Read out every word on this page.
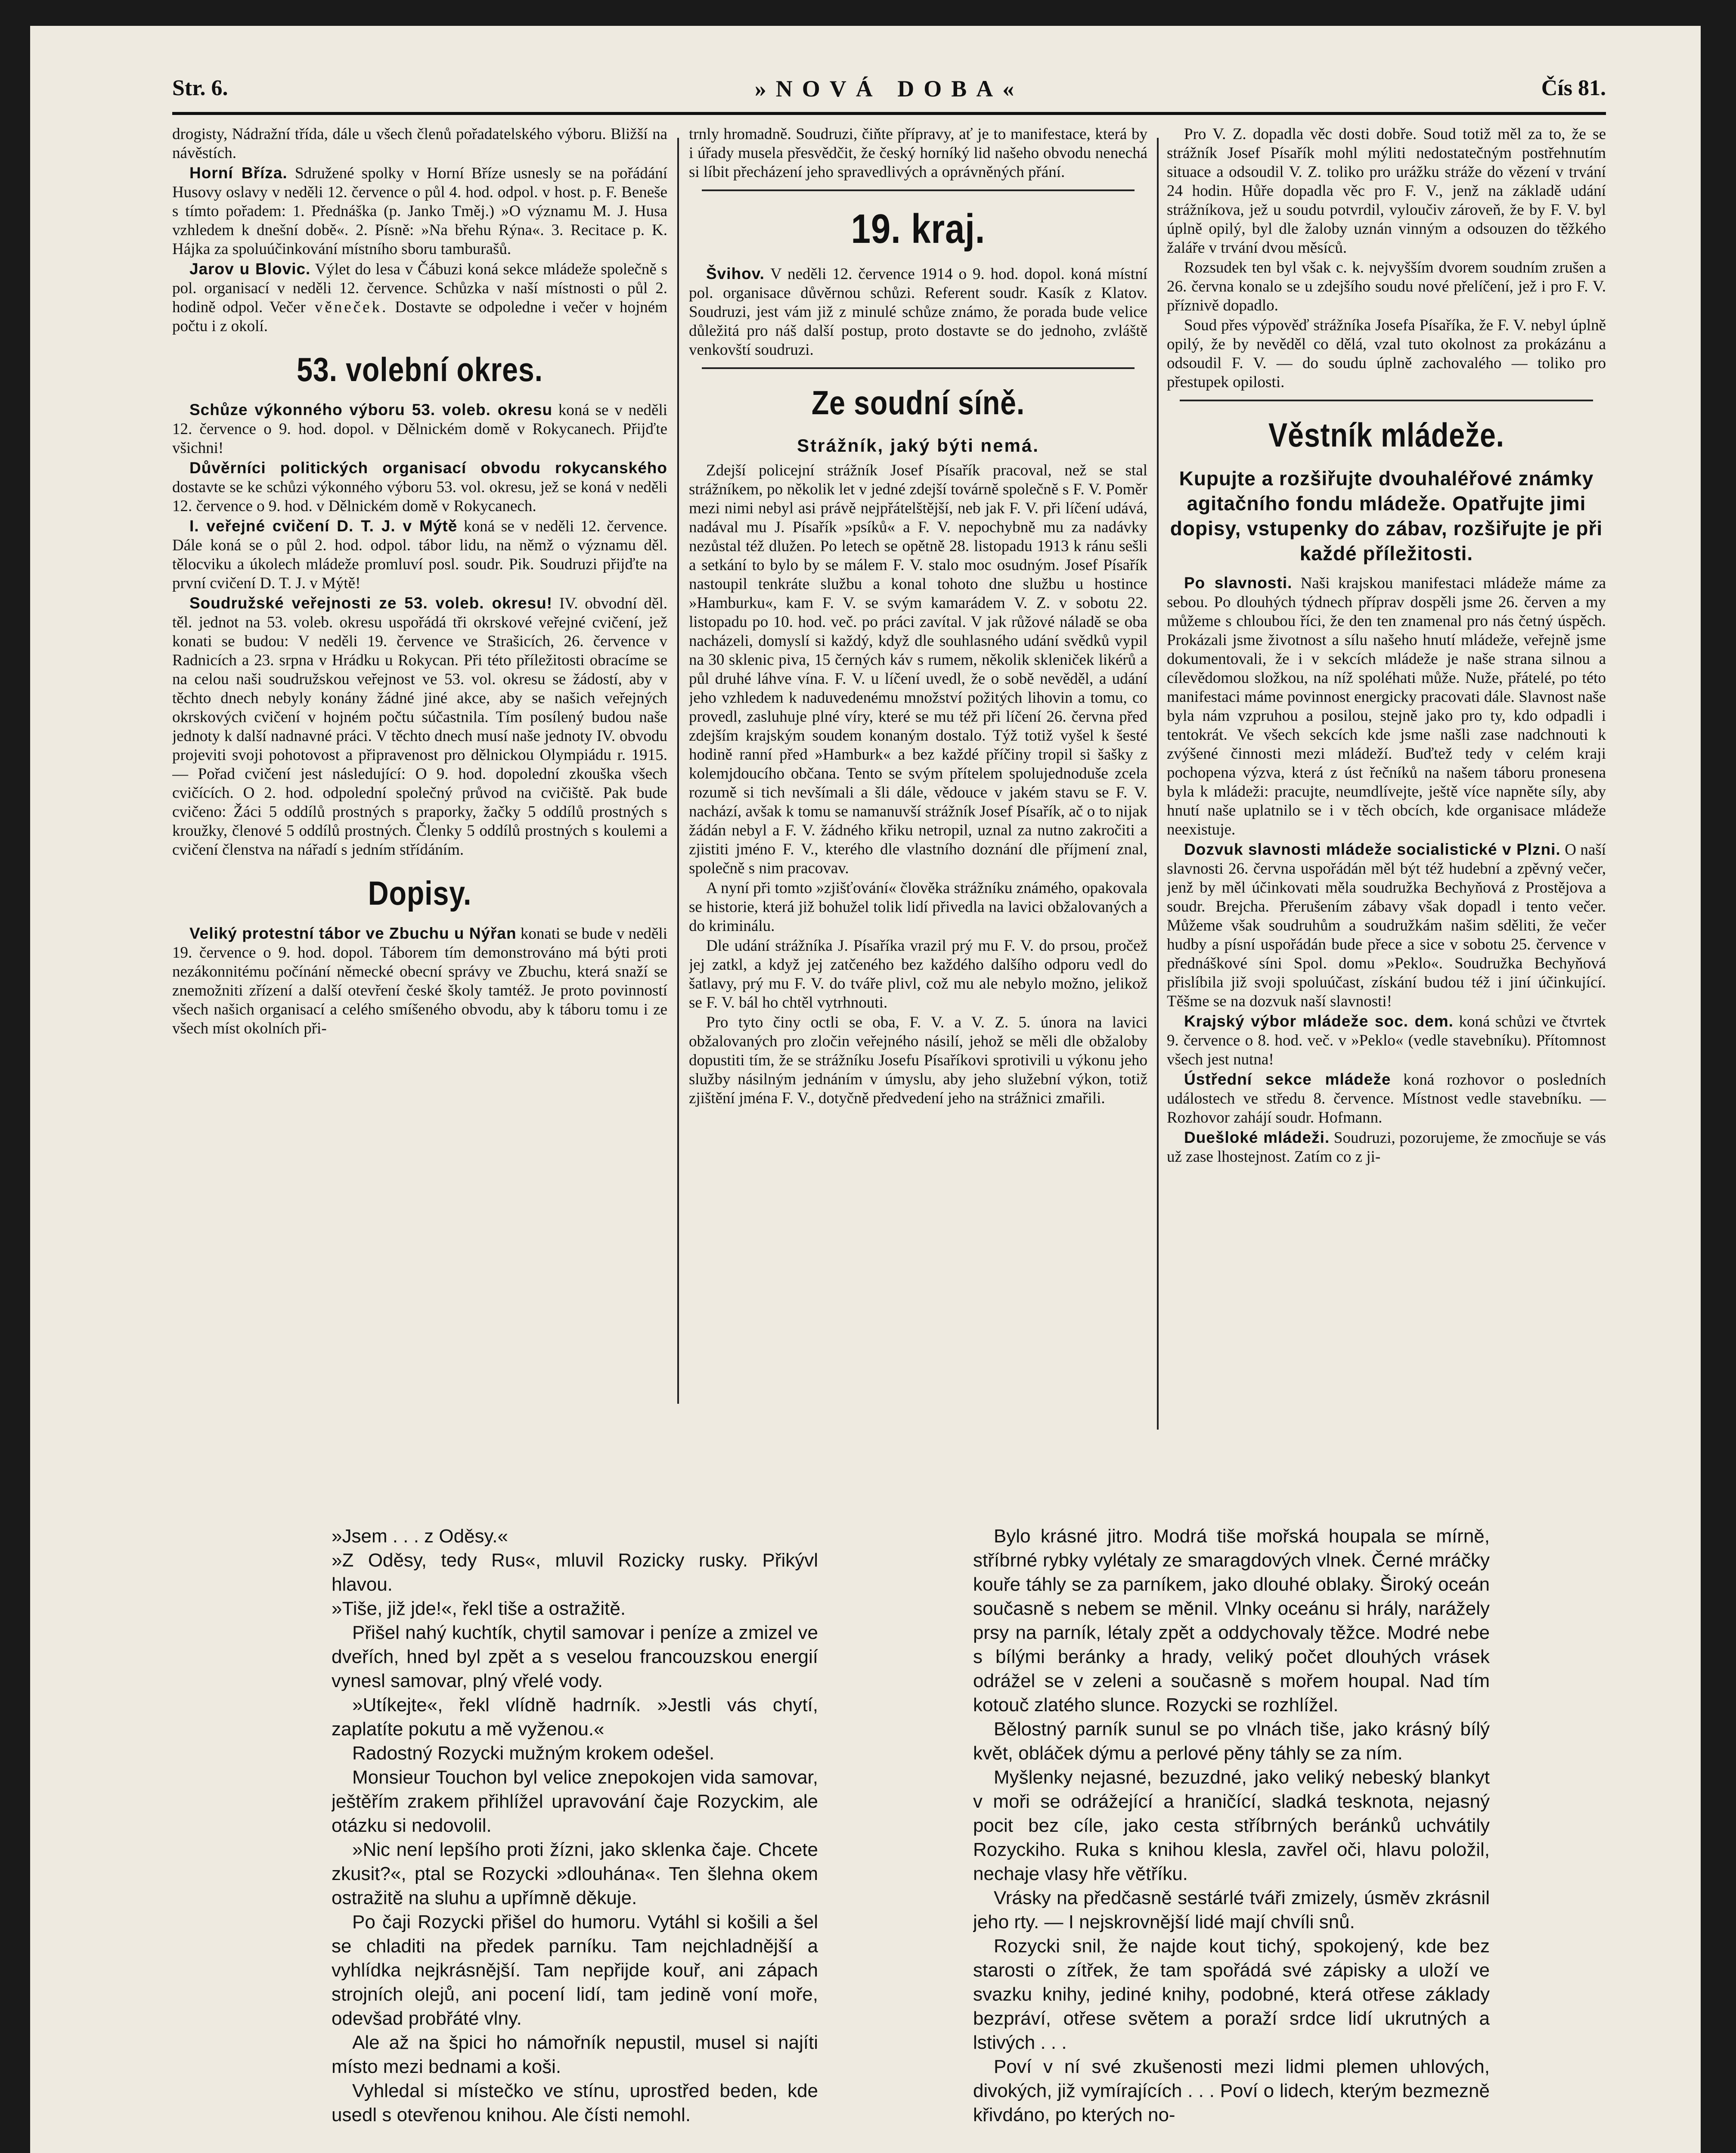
Str. 6.	»NOVÁ DOBA«	Čís 81.

drogisty, Nádražní třída, dále u všech členů pořadatelského výboru. Bližší na návěstích.

Horní Bříza. Sdružené spolky v Horní Bříze usnesly se na pořádání Husovy oslavy v neděli 12. července o půl 4. hod. odpol. v host. p. F. Beneše s tímto pořadem: 1. Přednáška (p. Janko Tměj.) »O významu M. J. Husa vzhledem k dnešní době«. 2. Písně: »Na břehu Rýna«. 3. Recitace p. K. Hájka za spoluúčinkování místního sboru tamburašů.

Jarov u Blovic. Výlet do lesa v Čábuzi koná sekce mládeže společně s pol. organisací v neděli 12. července. Schůzka v naší místnosti o půl 2. hodině odpol. Večer věneček. Dostavte se odpoledne i večer v hojném počtu i z okolí.

53. volební okres.

Schůze výkonného výboru 53. voleb. okresu koná se v neděli 12. července o 9. hod. dopol. v Dělnickém domě v Rokycanech. Přijďte všichni!

Důvěrníci politických organisací obvodu rokycanského dostavte se ke schůzi výkonného výboru 53. vol. okresu, jež se koná v neděli 12. července o 9. hod. v Dělnickém domě v Rokycanech.

I. veřejné cvičení D. T. J. v Mýtě koná se v neděli 12. července. Dále koná se o půl 2. hod. odpol. tábor lidu, na němž o významu děl. tělocviku a úkolech mládeže promluví posl. soudr. Pik. Soudruzi přijďte na první cvičení D. T. J. v Mýtě!

Soudružské veřejnosti ze 53. voleb. okresu! IV. obvodní děl. těl. jednot na 53. voleb. okresu uspořádá tři okrskové veřejné cvičení, jež konati se budou: V neděli 19. července ve Strašicích, 26. července v Radnicích a 23. srpna v Hrádku u Rokycan. Při této příležitosti obracíme se na celou naši soudružskou veřejnost ve 53. vol. okresu se žádostí, aby v těchto dnech nebyly konány žádné jiné akce, aby se našich veřejných okrskových cvičení v hojném počtu súčastnila. Tím posílený budou naše jednoty k další nadnavné práci. V těchto dnech musí naše jednoty IV. obvodu projeviti svoji pohotovost a připravenost pro dělnickou Olympiádu r. 1915. — Pořad cvičení jest následující: O 9. hod. dopolední zkouška všech cvičících. O 2. hod. odpolední společný průvod na cvičiště. Pak bude cvičeno: Žáci 5 oddílů prostných s praporky, žačky 5 oddílů prostných s kroužky, členové 5 oddílů prostných. Členky 5 oddílů prostných s koulemi a cvičení členstva na nářadí s jedním střídáním.

Dopisy.

Veliký protestní tábor ve Zbuchu u Nýřan konati se bude v neděli 19. července o 9. hod. dopol. Táborem tím demonstrováno má býti proti nezákonnitému počínání německé obecní správy ve Zbuchu, která snaží se znemožniti zřízení a další otevření české školy tamtéž. Je proto povinností všech našich organisací a celého smíšeného obvodu, aby k táboru tomu i ze všech míst okolních při-

trnly hromadně. Soudruzi, čiňte přípravy, ať je to manifestace, která by i úřady musela přesvědčit, že český horníký lid našeho obvodu nenechá si líbit přecházení jeho spravedlivých a oprávněných přání.

19. kraj.

Švihov. V neděli 12. července 1914 o 9. hod. dopol. koná místní pol. organisace důvěrnou schůzi. Referent soudr. Kasík z Klatov. Soudruzi, jest vám již z minulé schůze známo, že porada bude velice důležitá pro náš další postup, proto dostavte se do jednoho, zvláště venkovští soudruzi.

Ze soudní síně.
Strážník, jaký býti nemá.

Zdejší policejní strážník Josef Písařík pracoval, než se stal strážníkem, po několik let v jedné zdejší továrně společně s F. V. Poměr mezi nimi nebyl asi právě nejpřátelštější, neb jak F. V. při líčení udává, nadával mu J. Písařík »psíků« a F. V. nepochybně mu za nadávky nezůstal též dlužen. Po letech se opětně 28. listopadu 1913 k ránu sešli a setkání to bylo by se málem F. V. stalo moc osudným. Josef Písařík nastoupil tenkráte službu a konal tohoto dne službu u hostince »Hamburku«, kam F. V. se svým kamarádem V. Z. v sobotu 22. listopadu po 10. hod. več. po práci zavítal. V jak růžové náladě se oba nacházeli, domyslí si každý, když dle souhlasného udání svědků vypil na 30 sklenic piva, 15 černých káv s rumem, několik skleniček likérů a půl druhé láhve vína. F. V. u líčení uvedl, že o sobě nevěděl, a udání jeho vzhledem k naduvedenému množství požitých lihovin a tomu, co provedl, zasluhuje plné víry, které se mu též při líčení 26. června před zdejším krajským soudem konaným dostalo. Týž totiž vyšel k šesté hodině ranní před »Hamburk« a bez každé příčiny tropil si šašky z kolemjdoucího občana. Tento se svým přítelem spolujednoduše zcela rozumě si tich nevšímali a šli dále, vědouce v jakém stavu se F. V. nachází, avšak k tomu se namanuvší strážník Josef Písařík, ač o to nijak žádán nebyl a F. V. žádného křiku netropil, uznal za nutno zakročiti a zjistiti jméno F. V., kterého dle vlastního doznání dle příjmení znal, společně s nim pracovav.

A nyní při tomto »zjišťování« člověka strážníku známého, opakovala se historie, která již bohužel tolik lidí přivedla na lavici obžalovaných a do kriminálu.

Dle udání strážníka J. Písaříka vrazil prý mu F. V. do prsou, pročež jej zatkl, a když jej zatčeného bez každého dalšího odporu vedl do šatlavy, prý mu F. V. do tváře plivl, což mu ale nebylo možno, jelikož se F. V. bál ho chtěl vytrhnouti.

Pro tyto činy octli se oba, F. V. a V. Z. 5. února na lavici obžalovaných pro zločin veřejného násilí, jehož se měli dle obžaloby dopustiti tím, že se strážníku Josefu Písaříkovi sprotivili u výkonu jeho služby násilným jednáním v úmyslu, aby jeho služební výkon, totiž zjištění jména F. V., dotyčně předvedení jeho na strážnici zmařili.

Pro V. Z. dopadla věc dosti dobře. Soud totiž měl za to, že se strážník Josef Písařík mohl mýliti nedostatečným postřehnutím situace a odsoudil V. Z. toliko pro urážku stráže do vězení v trvání 24 hodin. Hůře dopadla věc pro F. V., jenž na základě udání strážníkova, jež u soudu potvrdil, vyloučiv zároveň, že by F. V. byl úplně opilý, byl dle žaloby uznán vinným a odsouzen do těžkého žaláře v trvání dvou měsíců.

Rozsudek ten byl však c. k. nejvyšším dvorem soudním zrušen a 26. června konalo se u zdejšího soudu nové přelíčení, jež i pro F. V. příznivě dopadlo.

Soud přes výpověď strážníka Josefa Písaříka, že F. V. nebyl úplně opilý, že by nevěděl co dělá, vzal tuto okolnost za prokázánu a odsoudil F. V. — do soudu úplně zachovalého — toliko pro přestupek opilosti.

Věstník mládeže.
Kupujte a rozšiřujte dvouhaléřové známky agitačního fondu mládeže. Opatřujte jimi dopisy, vstupenky do zábav, rozšiřujte je při každé příležitosti.

Po slavnosti. Naši krajskou manifestaci mládeže máme za sebou. Po dlouhých týdnech příprav dospěli jsme 26. červen a my můžeme s chloubou říci, že den ten znamenal pro nás četný úspěch. Prokázali jsme životnost a sílu našeho hnutí mládeže, veřejně jsme dokumentovali, že i v sekcích mládeže je naše strana silnou a cílevědomou složkou, na níž spoléhati může. Nuže, přátelé, po této manifestaci máme povinnost energicky pracovati dále. Slavnost naše byla nám vzpruhou a posilou, stejně jako pro ty, kdo odpadli i tentokrát. Ve všech sekcích kde jsme našli zase nadchnouti k zvýšené činnosti mezi mládeží. Buďtež tedy v celém kraji pochopena výzva, která z úst řečníků na našem táboru pronesena byla k mládeži: pracujte, neumdlívejte, ještě více napněte síly, aby hnutí naše uplatnilo se i v těch obcích, kde organisace mládeže neexistuje.

Dozvuk slavnosti mládeže socialistické v Plzni. O naší slavnosti 26. června uspořádán měl být též hudební a zpěvný večer, jenž by měl účinkovati měla soudružka Bechyňová z Prostějova a soudr. Brejcha. Přerušením zábavy však dopadl i tento večer. Můžeme však soudruhům a soudružkám našim sděliti, že večer hudby a písní uspořádán bude přece a sice v sobotu 25. července v přednáškové síni Spol. domu »Peklo«. Soudružka Bechyňová přislíbila již svoji spoluúčast, získání budou též i jiní účinkující. Těšme se na dozvuk naší slavnosti!

Krajský výbor mládeže soc. dem. koná schůzi ve čtvrtek 9. července o 8. hod. več. v »Peklo« (vedle stavebníku). Přítomnost všech jest nutna!

Ústřední sekce mládeže koná rozhovor o posledních událostech ve středu 8. července. Místnost vedle stavebníku. — Rozhovor zahájí soudr. Hofmann.

Duešloké mládeži. Soudruzi, pozorujeme, že zmocňuje se vás už zase lhostejnost. Zatím co z ji-

»Jsem . . . z Oděsy.«

»Z Oděsy, tedy Rus«, mluvil Rozicky rusky. Přikývl hlavou.

»Tiše, již jde!«, řekl tiše a ostražitě.

Přišel nahý kuchtík, chytil samovar i peníze a zmizel ve dveřích, hned byl zpět a s veselou francouzskou energií vynesl samovar, plný vřelé vody.

»Utíkejte«, řekl vlídně hadrník. »Jestli vás chytí, zaplatíte pokutu a mě vyženou.«

Radostný Rozycki mužným krokem odešel.

Monsieur Touchon byl velice znepokojen vida samovar, ještěřím zrakem přihlížel upravování čaje Rozyckim, ale otázku si nedovolil.

»Nic není lepšího proti žízni, jako sklenka čaje. Chcete zkusit?«, ptal se Rozycki »dlouhána«. Ten šlehna okem ostražitě na sluhu a upřímně děkuje.

Po čaji Rozycki přišel do humoru. Vytáhl si košili a šel se chladiti na předek parníku. Tam nejchladnější a vyhlídka nejkrásnější. Tam nepřijde kouř, ani zápach strojních olejů, ani pocení lidí, tam jedině voní moře, odevšad probřáté vlny.

Ale až na špici ho námořník nepustil, musel si najíti místo mezi bednami a koši.

Vyhledal si místečko ve stínu, uprostřed beden, kde usedl s otevřenou knihou. Ale čísti nemohl.

Bylo krásné jitro. Modrá tiše mořská houpala se mírně, stříbrné rybky vylétaly ze smaragdových vlnek. Černé mráčky kouře táhly se za parníkem, jako dlouhé oblaky. Široký oceán současně s nebem se měnil. Vlnky oceánu si hrály, narážely prsy na parník, létaly zpět a oddychovaly těžce. Modré nebe s bílými beránky a hrady, veliký počet dlouhých vrásek odrážel se v zeleni a současně s mořem houpal. Nad tím kotouč zlatého slunce. Rozycki se rozhlížel.

Bělostný parník sunul se po vlnách tiše, jako krásný bílý květ, obláček dýmu a perlové pěny táhly se za ním.

Myšlenky nejasné, bezuzdné, jako veliký nebeský blankyt v moři se odrážející a hraničící, sladká tesknota, nejasný pocit bez cíle, jako cesta stříbrných beránků uchvátily Rozyckiho. Ruka s knihou klesla, zavřel oči, hlavu položil, nechaje vlasy hře větříku.

Vrásky na předčasně sestárlé tváři zmizely, úsměv zkrásnil jeho rty. — I nejskrovnější lidé mají chvíli snů.

Rozycki snil, že najde kout tichý, spokojený, kde bez starosti o zítřek, že tam spořádá své zápisky a uloží ve svazku knihy, jediné knihy, podobné, která otřese základy bezpráví, otřese světem a poraží srdce lidí ukrutných a lstivých . . .

Poví v ní své zkušenosti mezi lidmi plemen uhlových, divokých, již vymírajících . . . Poví o lidech, kterým bezmezně křivdáno, po kterých no-
